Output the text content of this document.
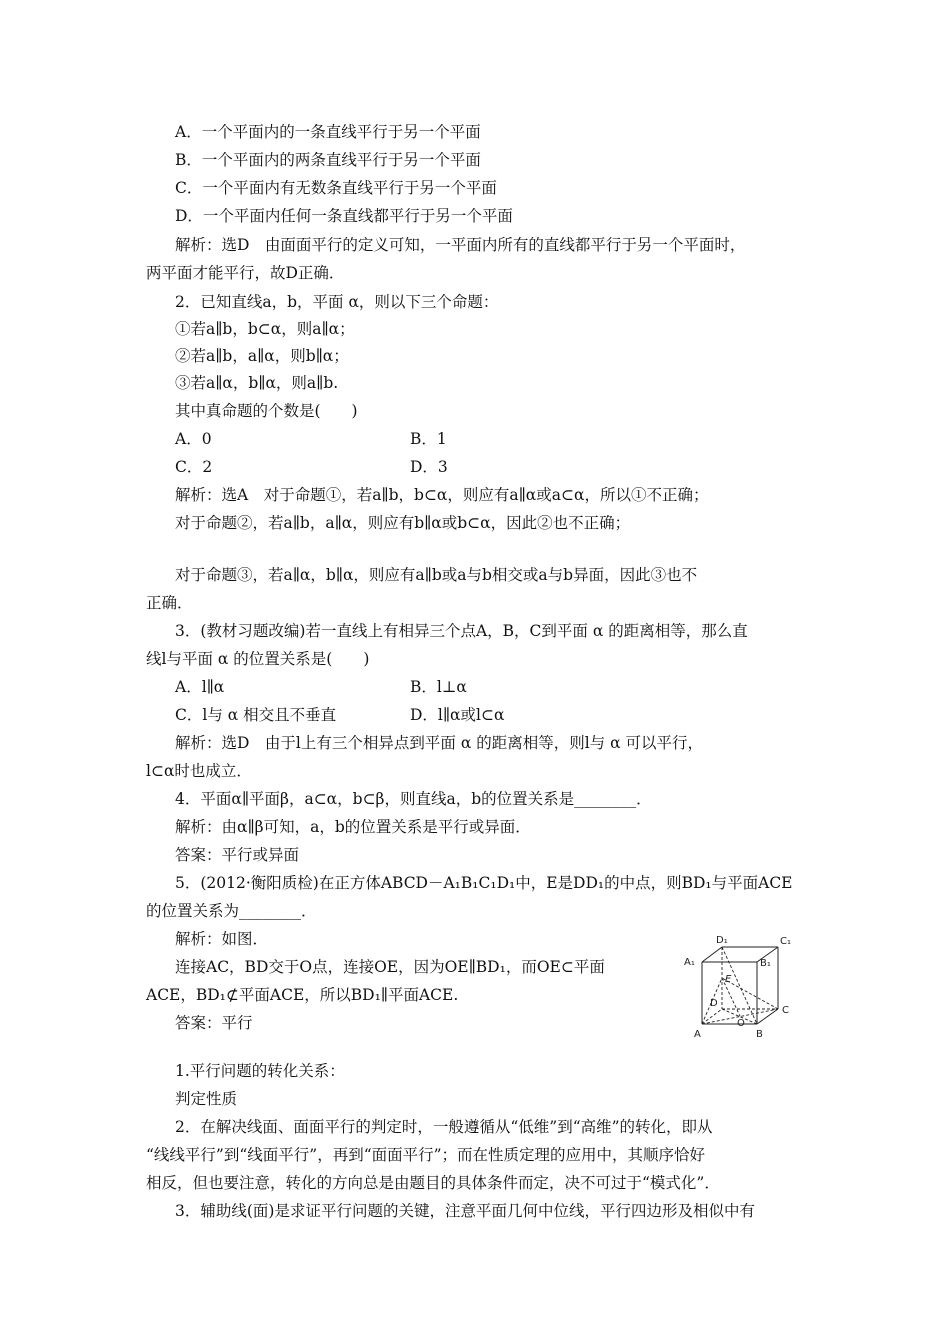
A．一个平面内的一条直线平行于另一个平面
B．一个平面内的两条直线平行于另一个平面
C．一个平面内有无数条直线平行于另一个平面
D．一个平面内任何一条直线都平行于另一个平面
解析：选D　由面面平行的定义可知，一平面内所有的直线都平行于另一个平面时，
两平面才能平行，故D正确．
2．已知直线a，b，平面 α，则以下三个命题：
①若a∥b，b⊂α，则a∥α；
②若a∥b，a∥α，则b∥α；
③若a∥α，b∥α，则a∥b.
其中真命题的个数是(　　)
A．0	B．1
C．2	D．3
解析：选A　对于命题①，若a∥b，b⊂α，则应有a∥α或a⊂α，所以①不正确；
对于命题②，若a∥b，a∥α，则应有b∥α或b⊂α，因此②也不正确；
对于命题③，若a∥α，b∥α，则应有a∥b或a与b相交或a与b异面，因此③也不
正确．
3．(教材习题改编)若一直线上有相异三个点A，B，C到平面 α 的距离相等，那么直
线l与平面 α 的位置关系是(　　)
A．l∥α	B．l⊥α
C．l与 α 相交且不垂直	D．l∥α或l⊂α
解析：选D　由于l上有三个相异点到平面 α 的距离相等，则l与 α 可以平行，
l⊂α时也成立．
4．平面α∥平面β，a⊂α，b⊂β，则直线a，b的位置关系是________．
解析：由α∥β可知，a，b的位置关系是平行或异面．
答案：平行或异面
5．(2012·衡阳质检)在正方体ABCD－A₁B₁C₁D₁中，E是DD₁的中点，则BD₁与平面ACE
的位置关系为________．
解析：如图．
连接AC，BD交于O点，连接OE，因为OE∥BD₁，而OE⊂平面
ACE，BD₁⊄平面ACE，所以BD₁∥平面ACE.
答案：平行
D₁	C₁
A₁	B₁
E
D
C
O
A	B
1.平行问题的转化关系：
判定性质
2．在解决线面、面面平行的判定时，一般遵循从“低维”到“高维”的转化，即从
“线线平行”到“线面平行”，再到“面面平行”；而在性质定理的应用中，其顺序恰好
相反，但也要注意，转化的方向总是由题目的具体条件而定，决不可过于“模式化”．
3．辅助线(面)是求证平行问题的关键，注意平面几何中位线，平行四边形及相似中有
